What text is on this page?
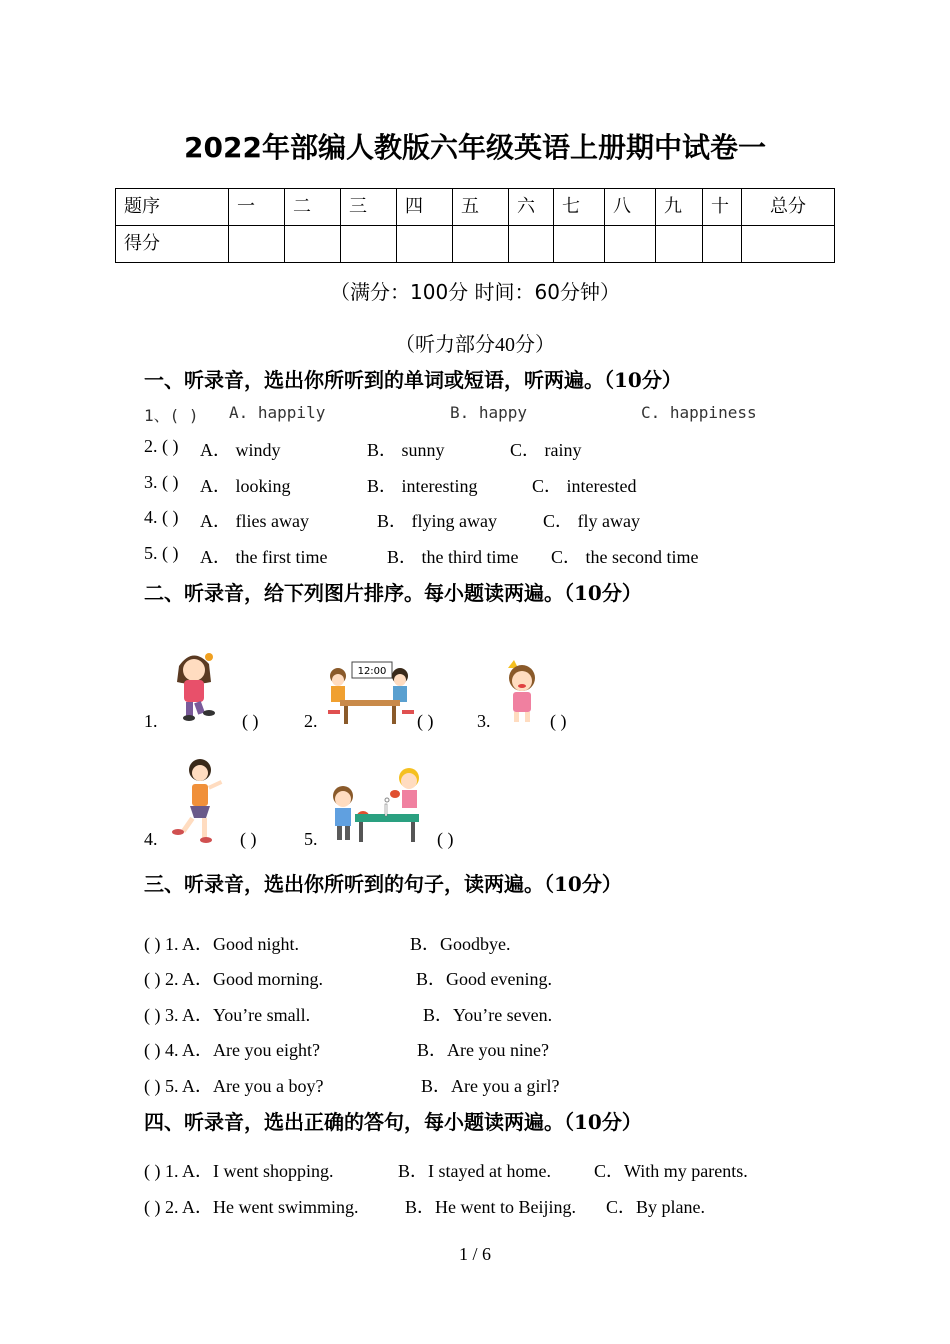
2022年部编人教版六年级英语上册期中试卷一
题序	一	二	三	四	五	六	七	八	九	十	总分

得分											

（满分：100分 时间：60分钟）
（听力部分40分）
一、听录音，选出你所听到的单词或短语，听两遍。（10分）
1、( ) A. happily	B. happy	C. happiness
2. ( ) A． windy	B． sunny	C． rainy
3. ( ) A． looking	B． interesting	C． interested
4. ( ) A． flies away	B． flying away	C． fly away
5. ( ) A． the first time	B． the third time C． the second time
二、听录音，给下列图片排序。每小题读两遍。（10分）
1.	( )	2.
12:00
( ) 3.	( )
4.	( )	5.	( )
三、听录音，选出你所听到的句子，读两遍。（10分）
( ) 1. A．Good night.	B．Goodbye.
( ) 2. A．Good morning.	B．Good evening.
( ) 3. A．You’re small.	B．You’re seven.
( ) 4. A．Are you eight?	B．Are you nine?
( ) 5. A．Are you a boy?	B．Are you a girl?
四、听录音，选出正确的答句，每小题读两遍。（10分）
( ) 1. A．I went shopping.	B．I stayed at home. C．With my parents.
( ) 2. A．He went swimming.	B．He went to Beijing. C．By plane.
1 / 6
